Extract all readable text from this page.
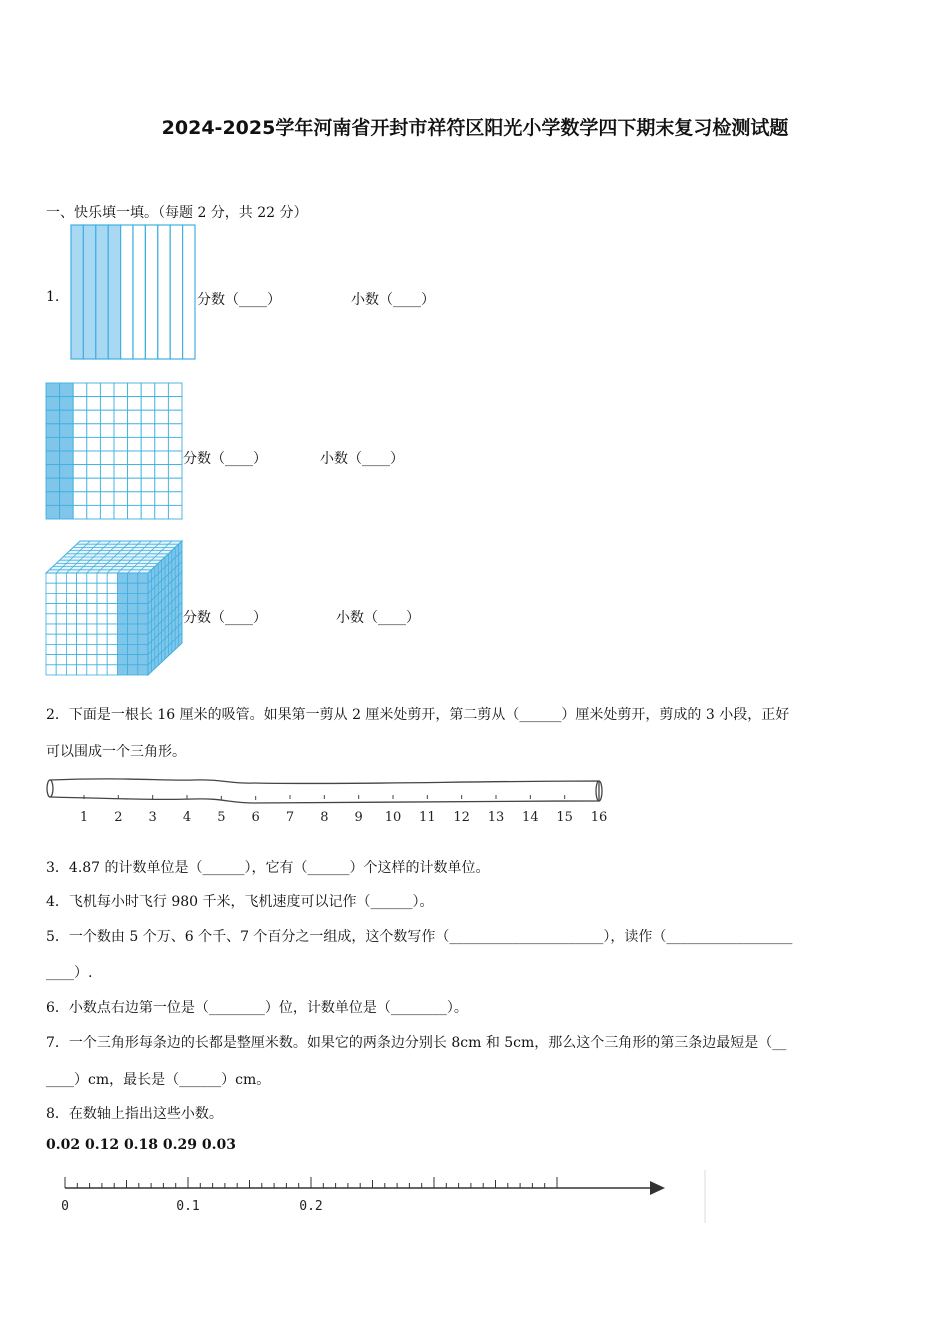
2024-2025学年河南省开封市祥符区阳光小学数学四下期末复习检测试题
一、快乐填一填。（每题 2 分，共 22 分）
1.	分数（____）	小数（____）
分数（____）	小数（____）
分数（____）	小数（____）
2．下面是一根长 16 厘米的吸管。如果第一剪从 2 厘米处剪开，第二剪从（______）厘米处剪开，剪成的 3 小段，正好
可以围成一个三角形。
1 2 3 4 5 6 7 8 9 10 11 12 13 14 15 16
3．4.87 的计数单位是（______），它有（______）个这样的计数单位。
4．飞机每小时飞行 980 千米，飞机速度可以记作（______）。
5．一个数由 5 个万、6 个千、7 个百分之一组成，这个数写作（______________________），读作（__________________
____）.
6．小数点右边第一位是（________）位，计数单位是（________）。
7．一个三角形每条边的长都是整厘米数。如果它的两条边分别长 8cm 和 5cm，那么这个三角形的第三条边最短是（__
____）cm，最长是（______）cm。
8．在数轴上指出这些小数。
0.02 0.12 0.18 0.29 0.03
0	0.1	0.2
